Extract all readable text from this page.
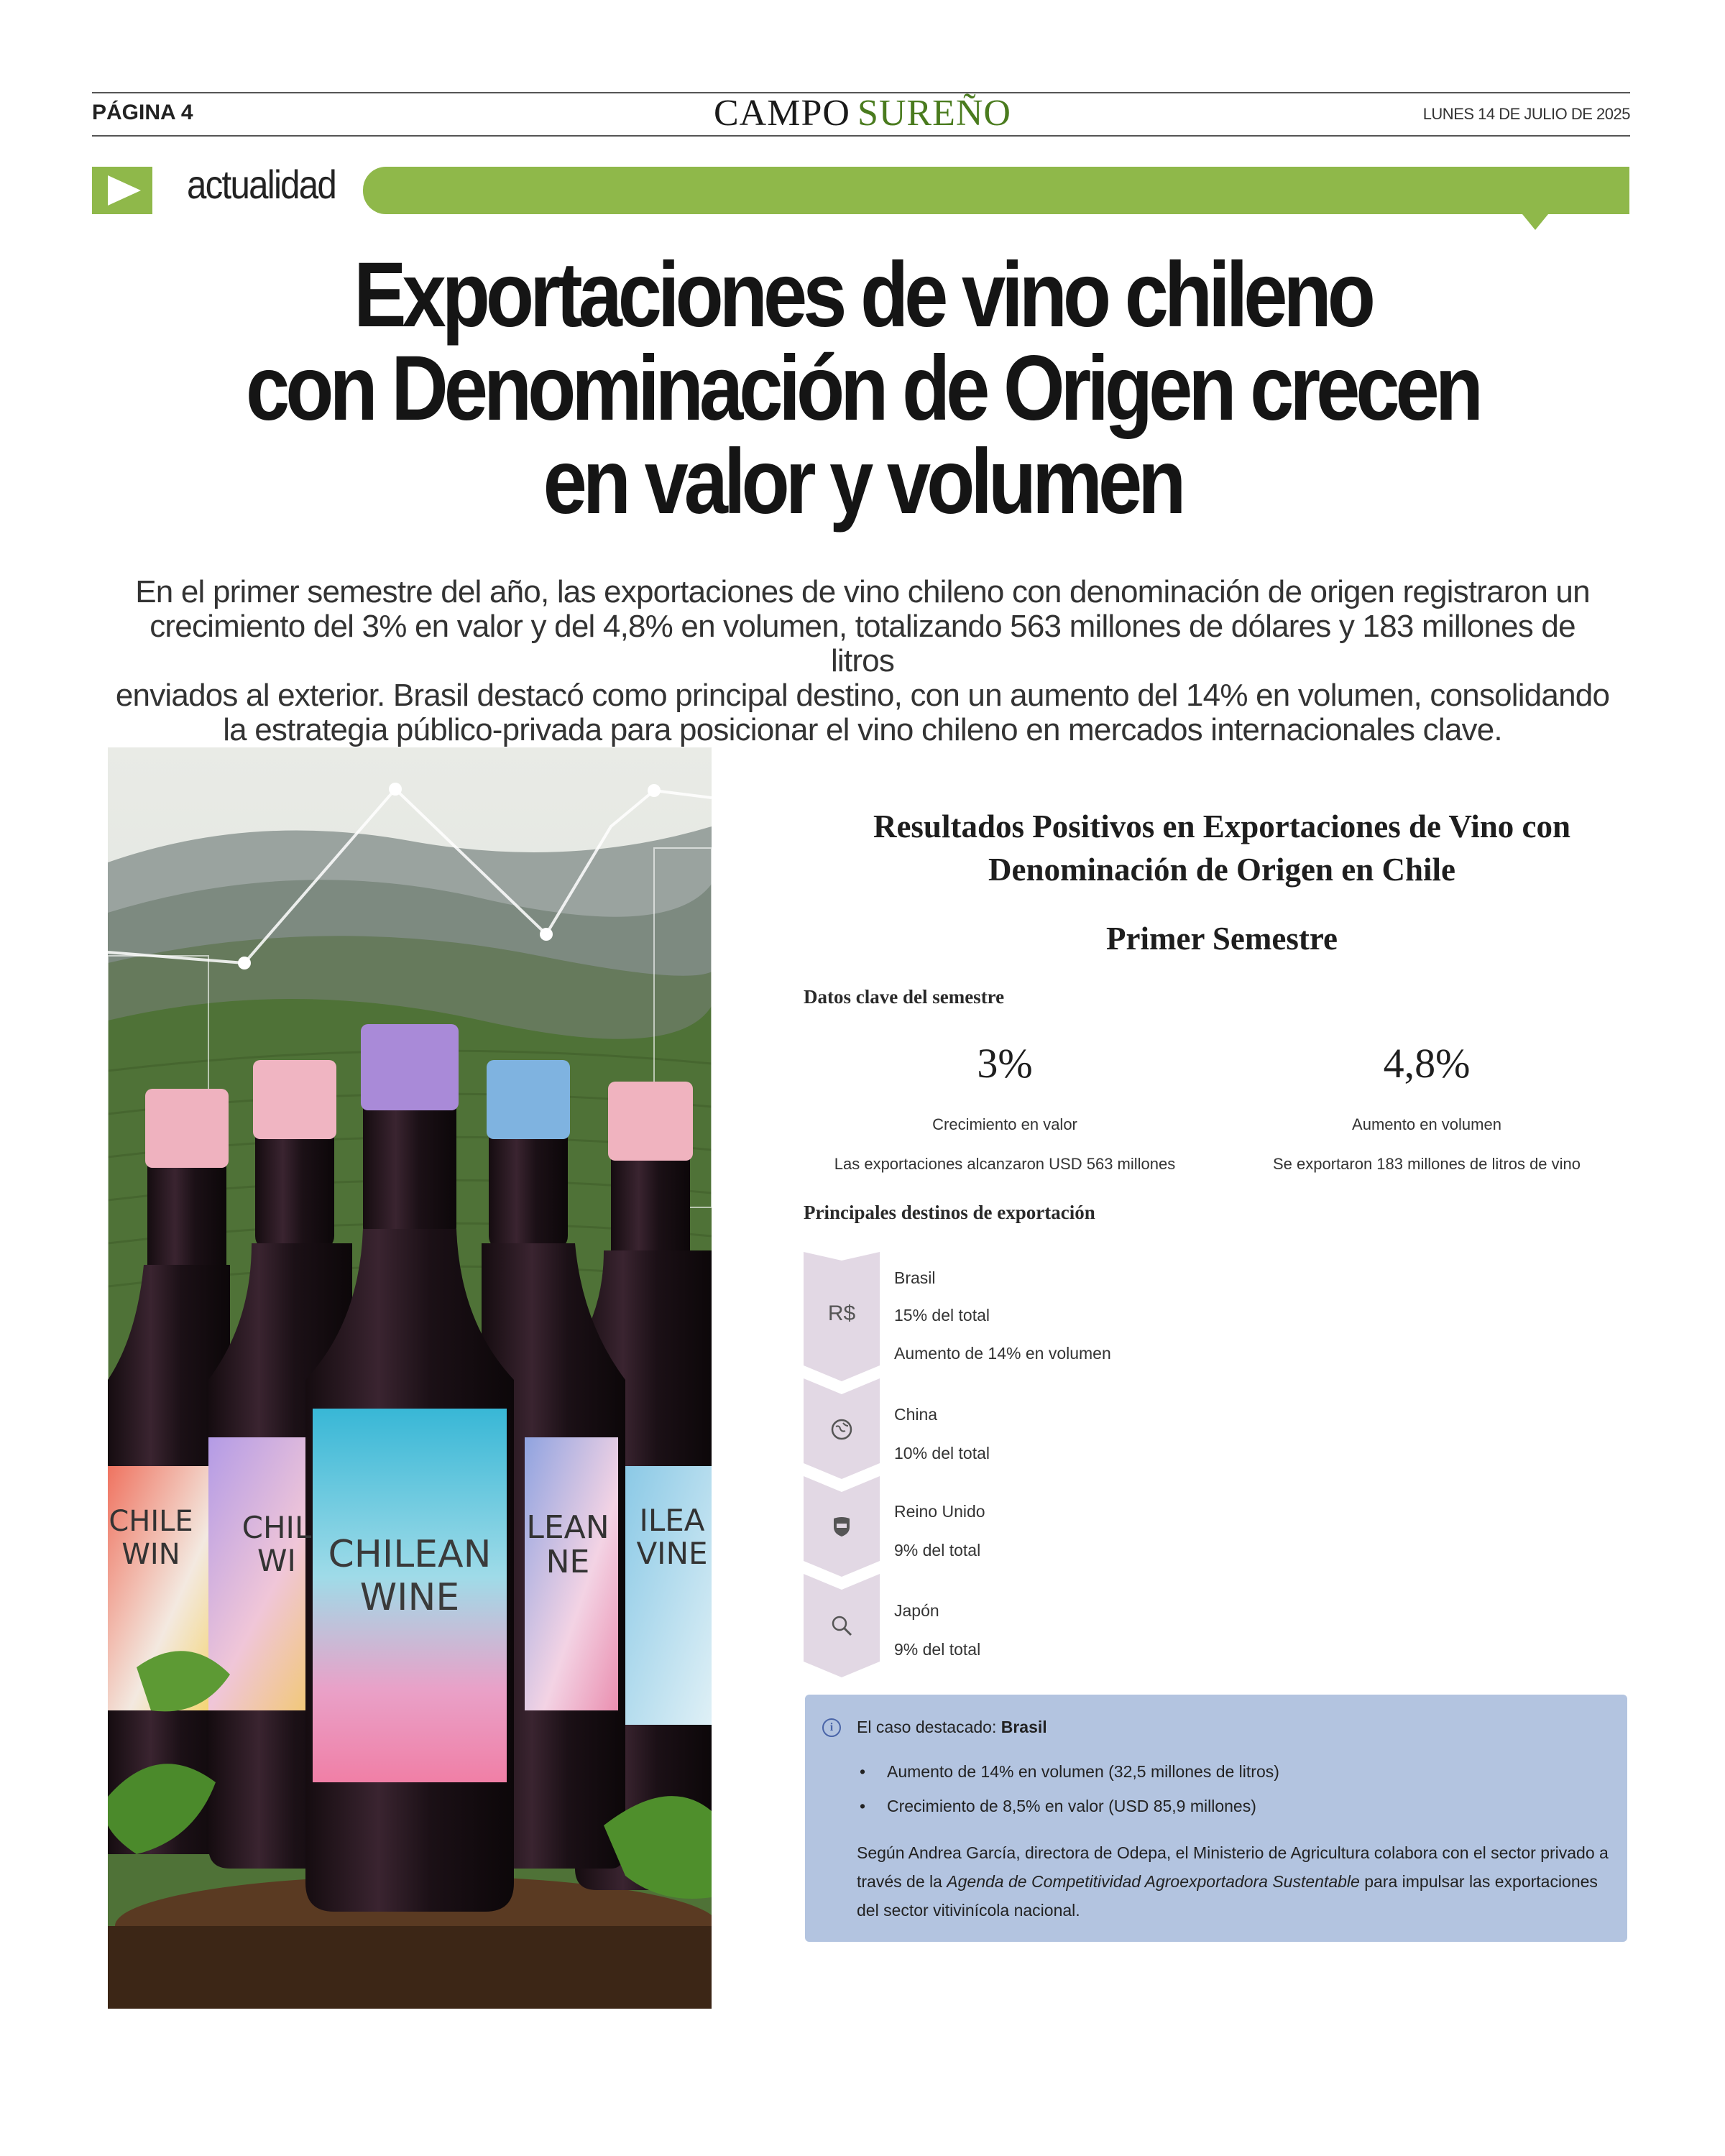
PÁGINA 4	CAMPO SUREÑO	LUNES 14 DE JULIO DE 2025
actualidad
Exportaciones de vino chileno
con Denominación de Origen crecen
en valor y volumen
En el primer semestre del año, las exportaciones de vino chileno con denominación de origen registraron un
crecimiento del 3% en valor y del 4,8% en volumen, totalizando 563 millones de dólares y 183 millones de litros
enviados al exterior. Brasil destacó como principal destino, con un aumento del 14% en volumen, consolidando
la estrategia público-privada para posicionar el vino chileno en mercados internacionales clave.
CHILE
WIN
CHIL
WI CHILEAN
WINE
LEAN
NE
ILEA
VINE
Resultados Positivos en Exportaciones de Vino con
Denominación de Origen en Chile
Primer Semestre
Datos clave del semestre
3%
Crecimiento en valor
Las exportaciones alcanzaron USD 563 millones
4,8%
Aumento en volumen
Se exportaron 183 millones de litros de vino
Principales destinos de exportación
R$
Brasil
15% del total
Aumento de 14% en volumen
China
10% del total
Reino Unido
9% del total
Japón
9% del total
i	El caso destacado: Brasil
• Aumento de 14% en volumen (32,5 millones de litros)
• Crecimiento de 8,5% en valor (USD 85,9 millones)
Según Andrea García, directora de Odepa, el Ministerio de Agricultura colabora con el sector privado a través de la Agenda de Competitividad Agroexportadora Sustentable para impulsar las exportaciones del sector vitivinícola nacional.
